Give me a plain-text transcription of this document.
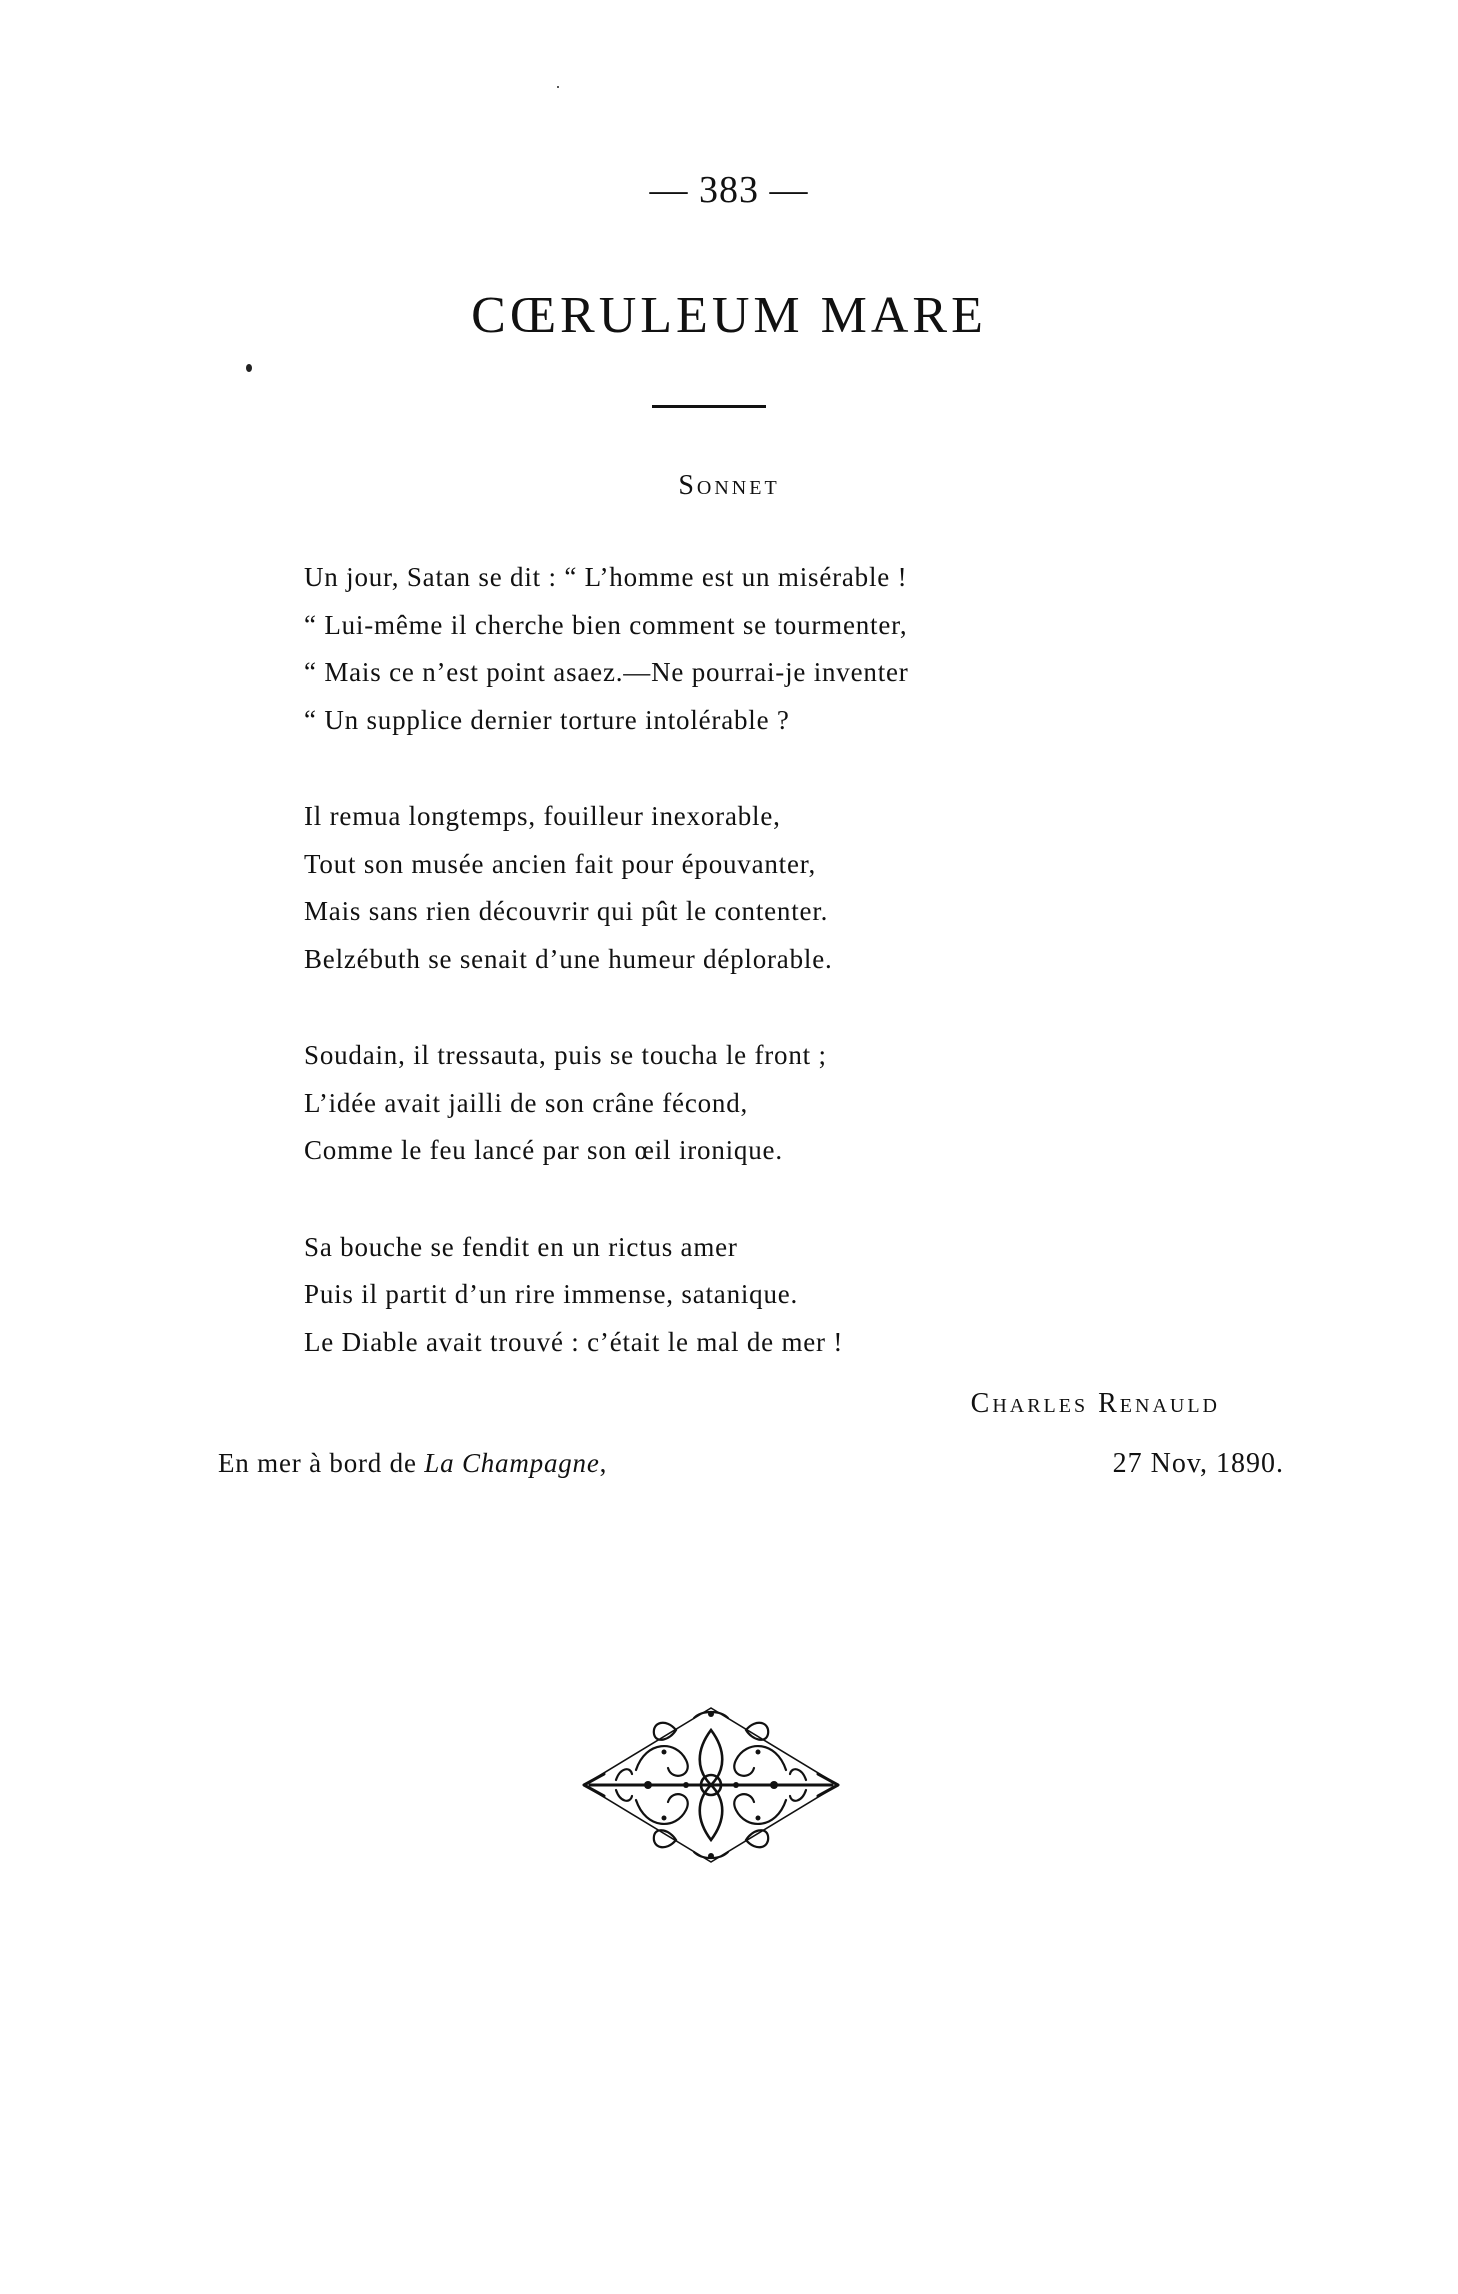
— 383 —
CŒRULEUM MARE
Sonnet
Un jour, Satan se dit : “ L’homme est un misérable !
“ Lui-même il cherche bien comment se tourmenter,
“ Mais ce n’est point asaez.—Ne pourrai-je inventer
“ Un supplice dernier torture intolérable ?
Il remua longtemps, fouilleur inexorable,
Tout son musée ancien fait pour épouvanter,
Mais sans rien découvrir qui pût le contenter.
Belzébuth se senait d’une humeur déplorable.
Soudain, il tressauta, puis se toucha le front ;
L’idée avait jailli de son crâne fécond,
Comme le feu lancé par son œil ironique.
Sa bouche se fendit en un rictus amer
Puis il partit d’un rire immense, satanique.
Le Diable avait trouvé : c’était le mal de mer !
Charles Renauld
En mer à bord de La Champagne,	27 Nov, 1890.
